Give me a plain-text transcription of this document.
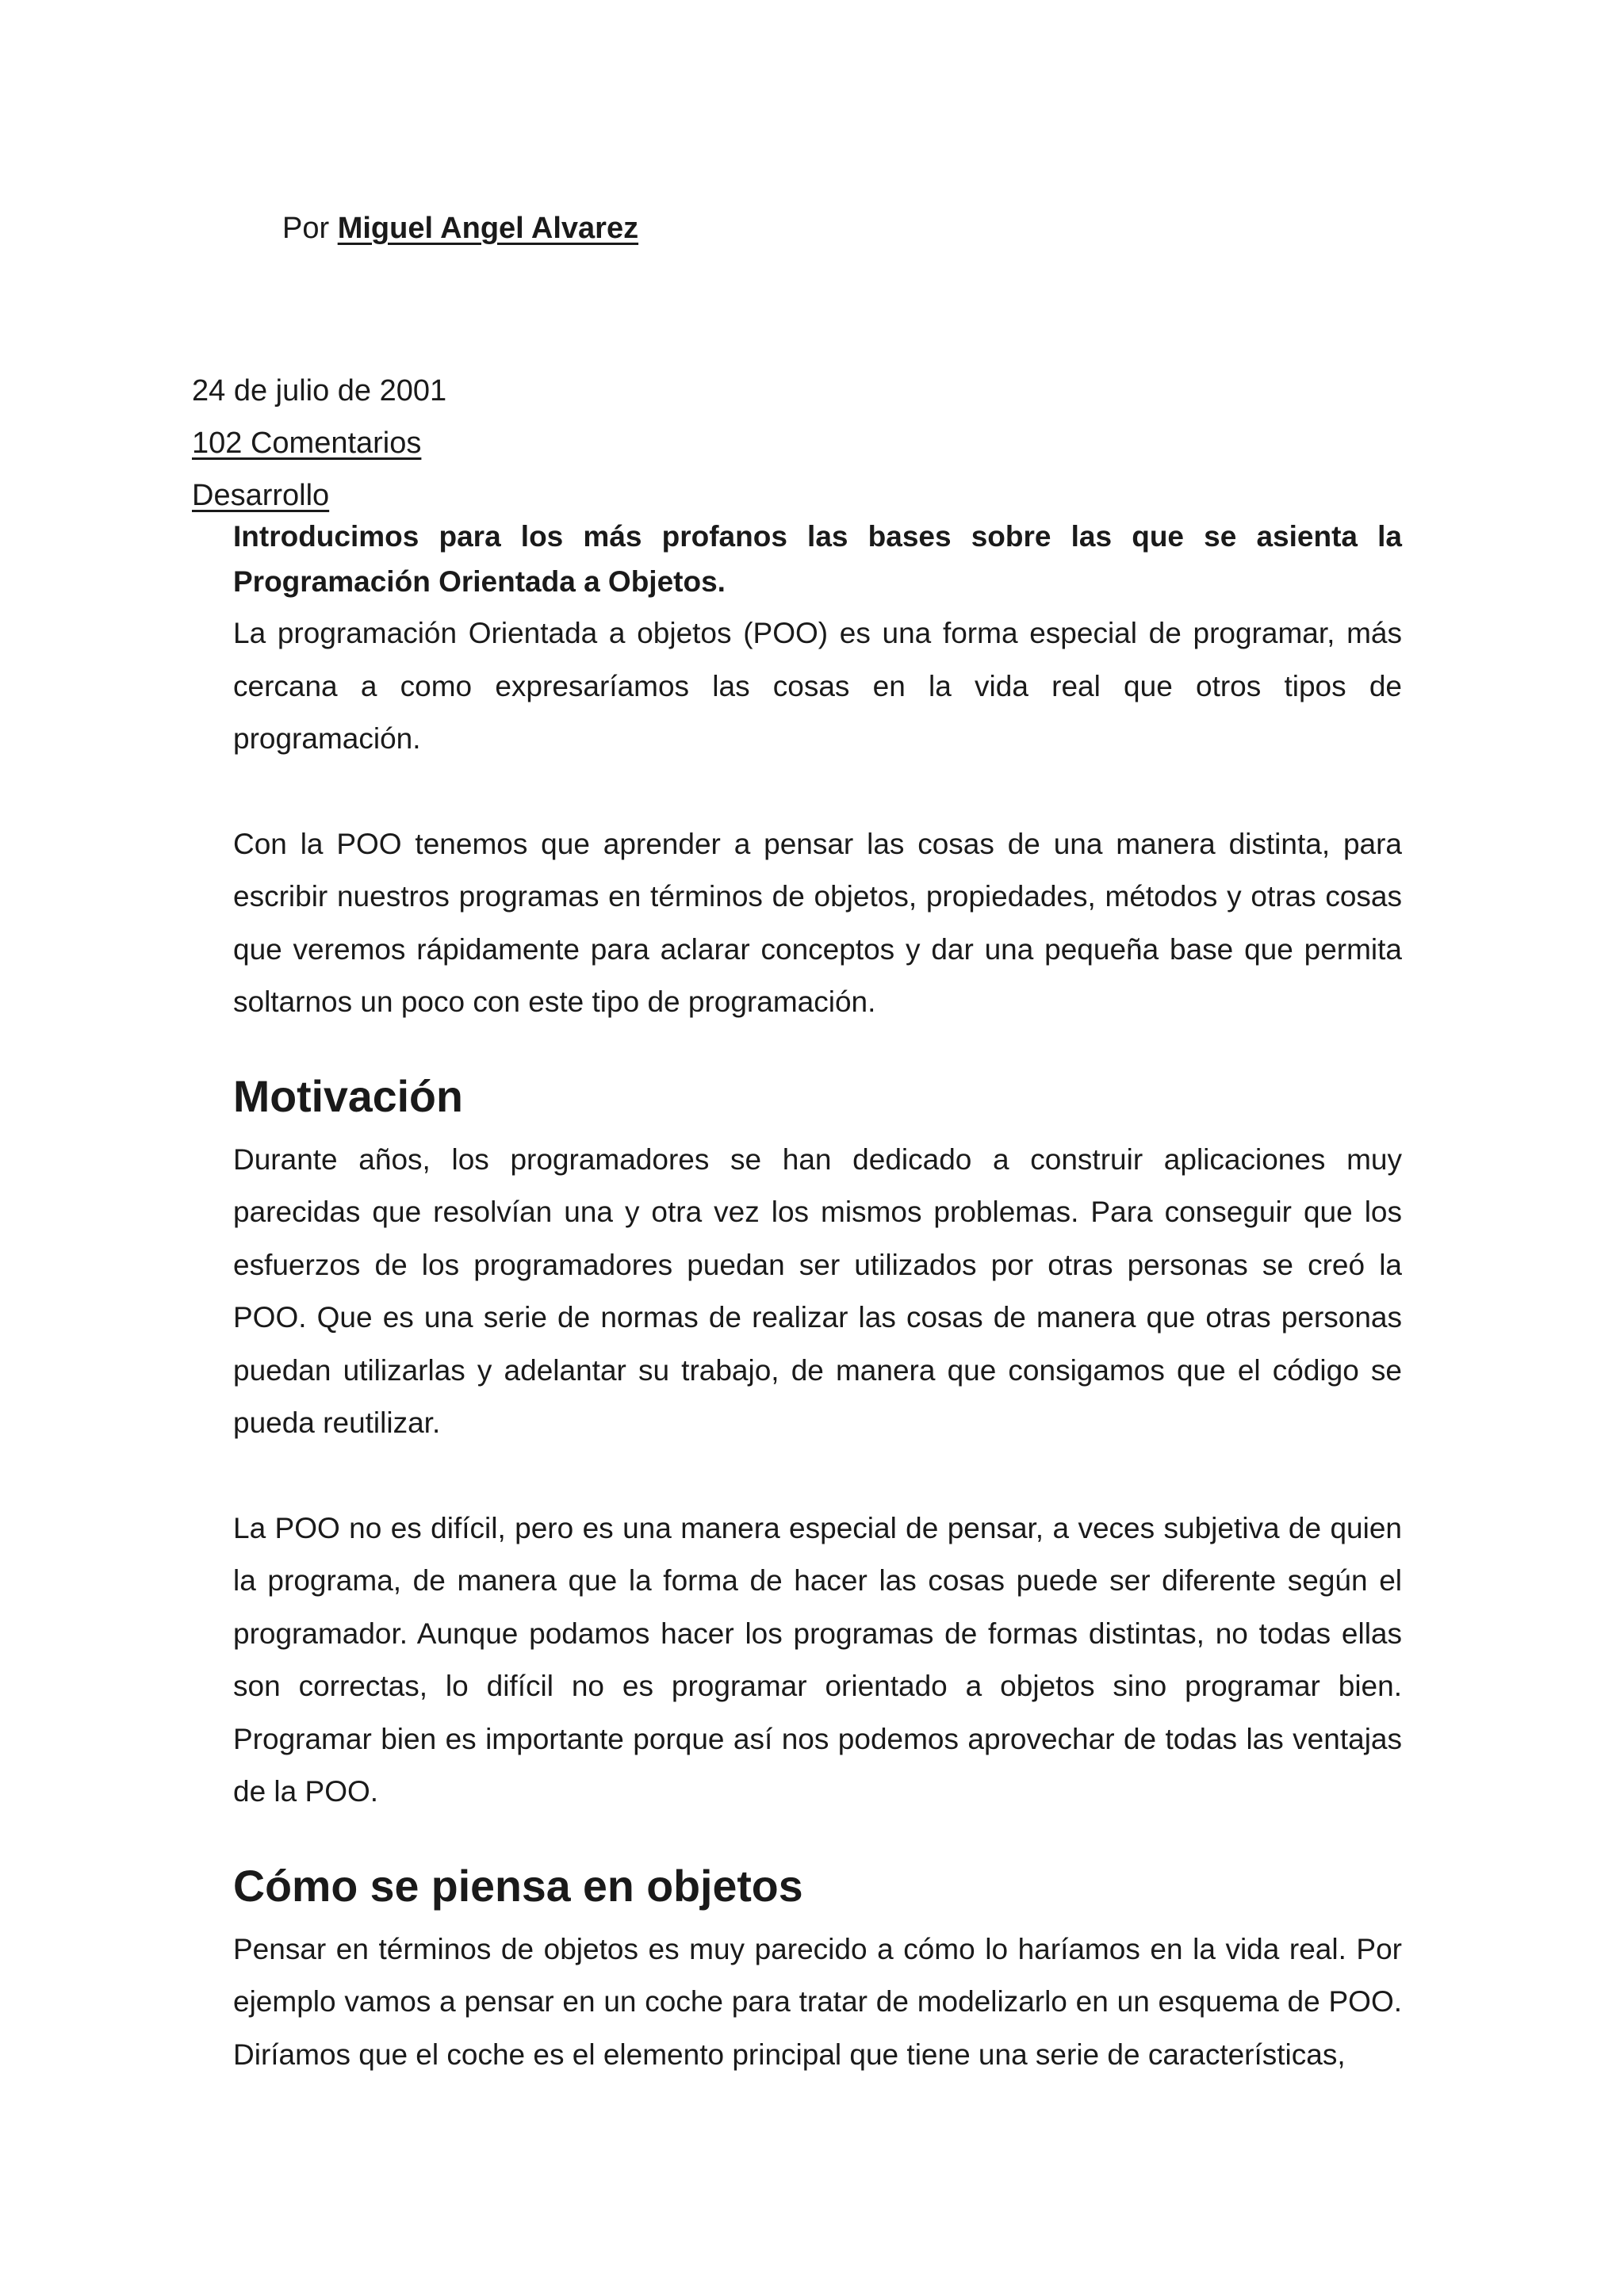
Por Miguel Angel Alvarez
24 de julio de 2001
102 Comentarios
Desarrollo

Introducimos para los más profanos las bases sobre las que se asienta la Programación Orientada a Objetos.

La programación Orientada a objetos (POO) es una forma especial de programar, más cercana a como expresaríamos las cosas en la vida real que otros tipos de programación.

Con la POO tenemos que aprender a pensar las cosas de una manera distinta, para escribir nuestros programas en términos de objetos, propiedades, métodos y otras cosas que veremos rápidamente para aclarar conceptos y dar una pequeña base que permita soltarnos un poco con este tipo de programación.

Motivación

Durante años, los programadores se han dedicado a construir aplicaciones muy parecidas que resolvían una y otra vez los mismos problemas. Para conseguir que los esfuerzos de los programadores puedan ser utilizados por otras personas se creó la POO. Que es una serie de normas de realizar las cosas de manera que otras personas puedan utilizarlas y adelantar su trabajo, de manera que consigamos que el código se pueda reutilizar.

La POO no es difícil, pero es una manera especial de pensar, a veces subjetiva de quien la programa, de manera que la forma de hacer las cosas puede ser diferente según el programador. Aunque podamos hacer los programas de formas distintas, no todas ellas son correctas, lo difícil no es programar orientado a objetos sino programar bien. Programar bien es importante porque así nos podemos aprovechar de todas las ventajas de la POO.

Cómo se piensa en objetos

Pensar en términos de objetos es muy parecido a cómo lo haríamos en la vida real. Por ejemplo vamos a pensar en un coche para tratar de modelizarlo en un esquema de POO. Diríamos que el coche es el elemento principal que tiene una serie de características,
